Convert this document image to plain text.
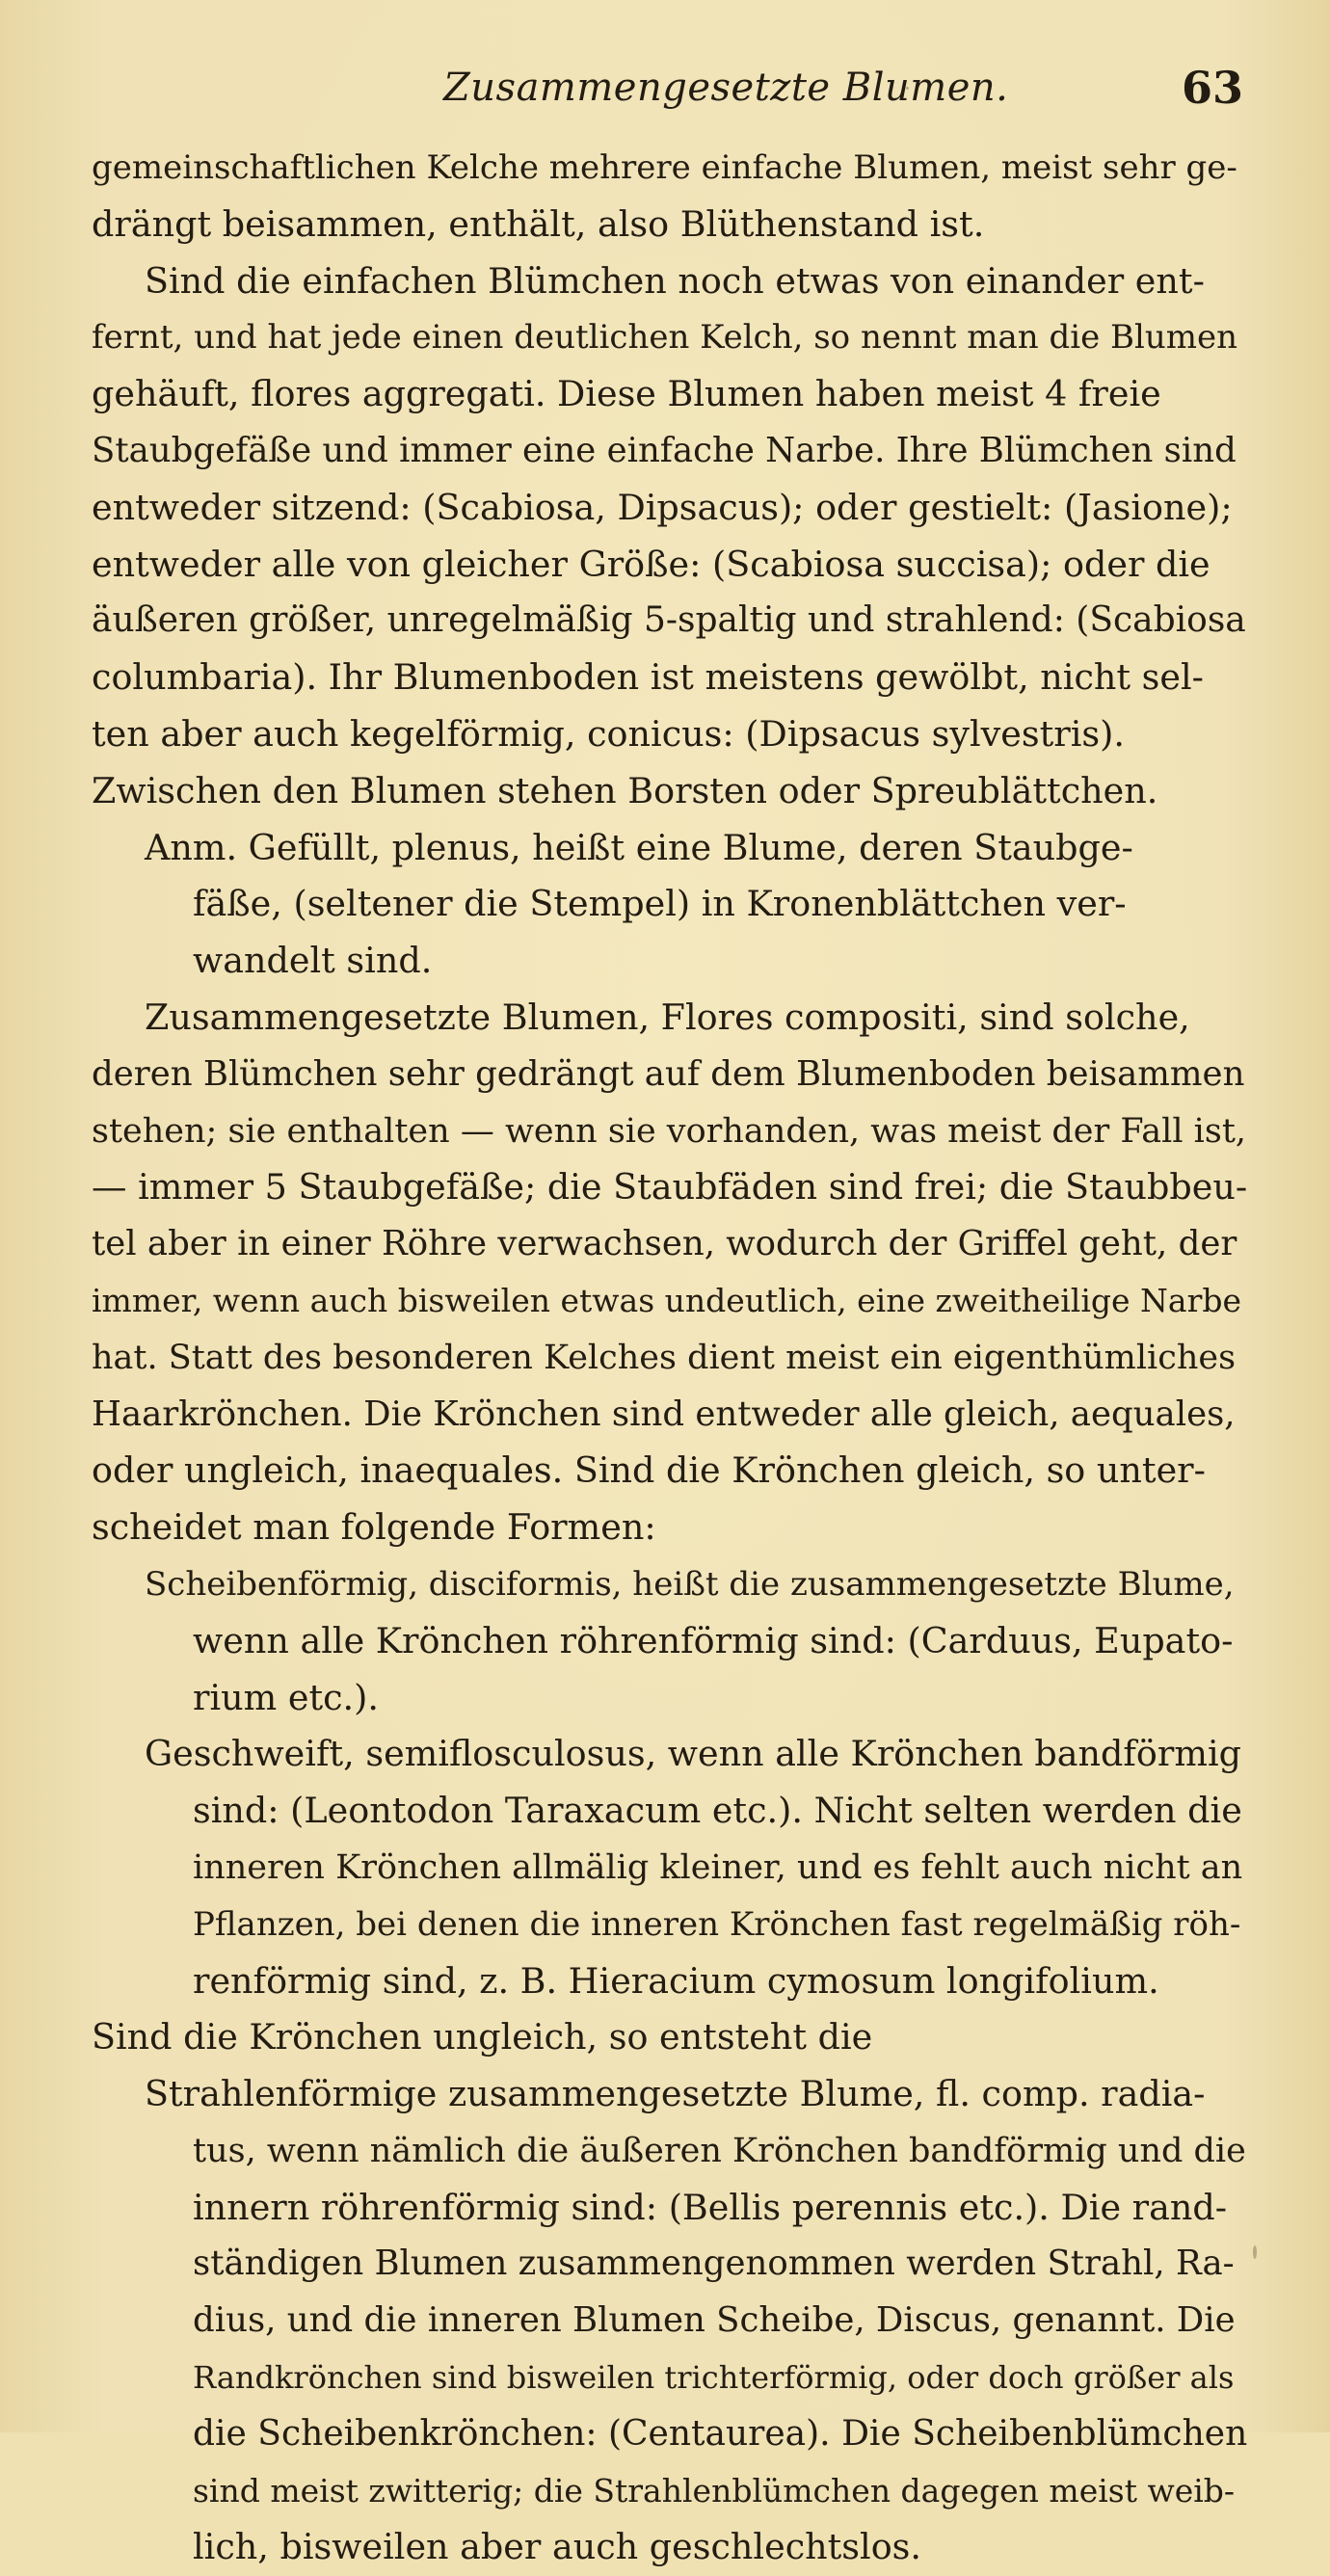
Zusammengesetzte Blumen.	63
gemeinschaftlichen Kelche mehrere einfache Blumen, meist sehr ge-
drängt beisammen, enthält, also Blüthenstand ist.
Sind die einfachen Blümchen noch etwas von einander ent-
fernt, und hat jede einen deutlichen Kelch, so nennt man die Blumen
gehäuft, flores aggregati. Diese Blumen haben meist 4 freie
Staubgefäße und immer eine einfache Narbe. Ihre Blümchen sind
entweder sitzend: (Scabiosa, Dipsacus); oder gestielt: (Jasione);
entweder alle von gleicher Größe: (Scabiosa succisa); oder die
äußeren größer, unregelmäßig 5-spaltig und strahlend: (Scabiosa
columbaria). Ihr Blumenboden ist meistens gewölbt, nicht sel-
ten aber auch kegelförmig, conicus: (Dipsacus sylvestris).
Zwischen den Blumen stehen Borsten oder Spreublättchen.
Anm. Gefüllt, plenus, heißt eine Blume, deren Staubge-
fäße, (seltener die Stempel) in Kronenblättchen ver-
wandelt sind.
Zusammengesetzte Blumen, Flores compositi, sind solche,
deren Blümchen sehr gedrängt auf dem Blumenboden beisammen
stehen; sie enthalten — wenn sie vorhanden, was meist der Fall ist,
— immer 5 Staubgefäße; die Staubfäden sind frei; die Staubbeu-
tel aber in einer Röhre verwachsen, wodurch der Griffel geht, der
immer, wenn auch bisweilen etwas undeutlich, eine zweitheilige Narbe
hat. Statt des besonderen Kelches dient meist ein eigenthümliches
Haarkrönchen. Die Krönchen sind entweder alle gleich, aequales,
oder ungleich, inaequales. Sind die Krönchen gleich, so unter-
scheidet man folgende Formen:
Scheibenförmig, disciformis, heißt die zusammengesetzte Blume,
wenn alle Krönchen röhrenförmig sind: (Carduus, Eupato-
rium etc.).
Geschweift, semiflosculosus, wenn alle Krönchen bandförmig
sind: (Leontodon Taraxacum etc.). Nicht selten werden die
inneren Krönchen allmälig kleiner, und es fehlt auch nicht an
Pflanzen, bei denen die inneren Krönchen fast regelmäßig röh-
renförmig sind, z. B. Hieracium cymosum longifolium.
Sind die Krönchen ungleich, so entsteht die
Strahlenförmige zusammengesetzte Blume, fl. comp. radia-
tus, wenn nämlich die äußeren Krönchen bandförmig und die
innern röhrenförmig sind: (Bellis perennis etc.). Die rand-
ständigen Blumen zusammengenommen werden Strahl, Ra-
dius, und die inneren Blumen Scheibe, Discus, genannt. Die
Randkrönchen sind bisweilen trichterförmig, oder doch größer als
die Scheibenkrönchen: (Centaurea). Die Scheibenblümchen
sind meist zwitterig; die Strahlenblümchen dagegen meist weib-
lich, bisweilen aber auch geschlechtslos.
